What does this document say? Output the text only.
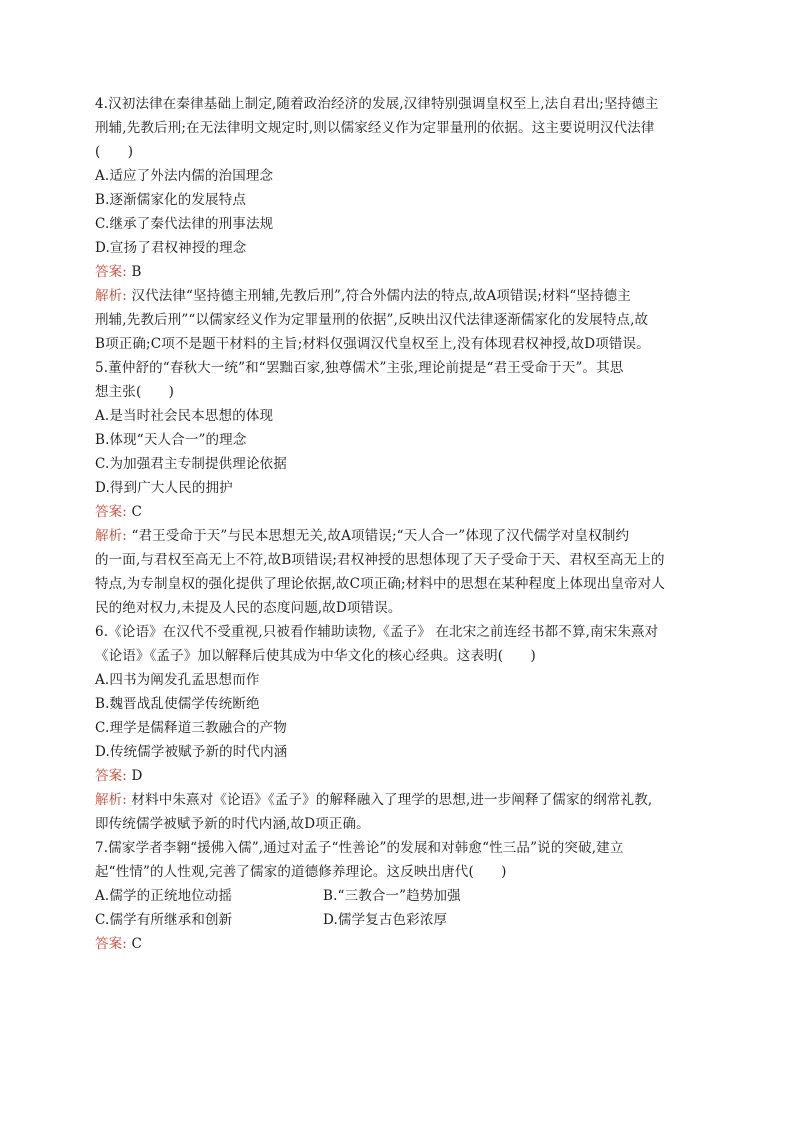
4.汉初法律在秦律基础上制定,随着政治经济的发展,汉律特别强调皇权至上,法自君出;坚持德主
刑辅,先教后刑;在无法律明文规定时,则以儒家经义作为定罪量刑的依据。这主要说明汉代法律
(　　)
A.适应了外法内儒的治国理念
B.逐渐儒家化的发展特点
C.继承了秦代法律的刑事法规
D.宣扬了君权神授的理念
答案: B
解析: 汉代法律“坚持德主刑辅,先教后刑”,符合外儒内法的特点,故A项错误;材料“坚持德主
刑辅,先教后刑”“以儒家经义作为定罪量刑的依据”,反映出汉代法律逐渐儒家化的发展特点,故
B项正确;C项不是题干材料的主旨;材料仅强调汉代皇权至上,没有体现君权神授,故D项错误。
5.董仲舒的“春秋大一统”和“罢黜百家,独尊儒术”主张,理论前提是“君王受命于天”。其思
想主张(　　)
A.是当时社会民本思想的体现
B.体现“天人合一”的理念
C.为加强君主专制提供理论依据
D.得到广大人民的拥护
答案: C
解析: “君王受命于天”与民本思想无关,故A项错误;“天人合一”体现了汉代儒学对皇权制约
的一面,与君权至高无上不符,故B项错误;君权神授的思想体现了天子受命于天、君权至高无上的
特点,为专制皇权的强化提供了理论依据,故C项正确;材料中的思想在某种程度上体现出皇帝对人
民的绝对权力,未提及人民的态度问题,故D项错误。
6.《论语》在汉代不受重视,只被看作辅助读物,《孟子》 在北宋之前连经书都不算,南宋朱熹对
《论语》《孟子》加以解释后使其成为中华文化的核心经典。这表明(　　)
A.四书为阐发孔孟思想而作
B.魏晋战乱使儒学传统断绝
C.理学是儒释道三教融合的产物
D.传统儒学被赋予新的时代内涵
答案: D
解析: 材料中朱熹对《论语》《孟子》的解释融入了理学的思想,进一步阐释了儒家的纲常礼教,
即传统儒学被赋予新的时代内涵,故D项正确。
7.儒家学者李翱“援佛入儒”,通过对孟子“性善论”的发展和对韩愈“性三品”说的突破,建立
起“性情”的人性观,完善了儒家的道德修养理论。这反映出唐代(　　)
A.儒学的正统地位动摇	B.“三教合一”趋势加强
C.儒学有所继承和创新	D.儒学复古色彩浓厚
答案: C
